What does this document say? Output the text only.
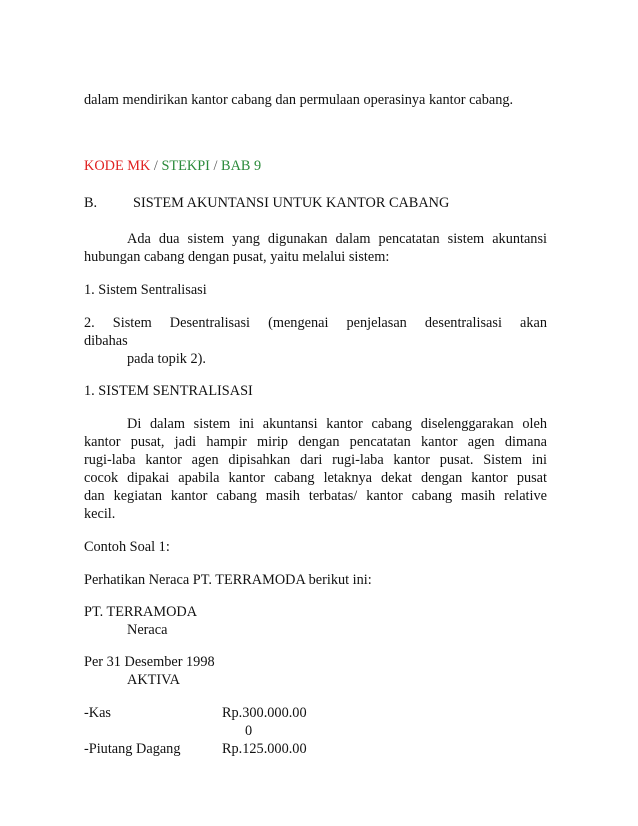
dalam mendirikan kantor cabang dan permulaan operasinya kantor cabang.
KODE MK / STEKPI / BAB 9
B.	SISTEM AKUNTANSI UNTUK KANTOR CABANG
Ada dua sistem yang digunakan dalam pencatatan sistem akuntansi
hubungan cabang dengan pusat, yaitu melalui sistem:
1. Sistem Sentralisasi
2. Sistem Desentralisasi (mengenai penjelasan desentralisasi akan
dibahas
pada topik 2).
1. SISTEM SENTRALISASI
Di dalam sistem ini akuntansi kantor cabang diselenggarakan oleh
kantor pusat, jadi hampir mirip dengan pencatatan kantor agen dimana
rugi-laba kantor agen dipisahkan dari rugi-laba kantor pusat. Sistem ini
cocok dipakai apabila kantor cabang letaknya dekat dengan kantor pusat
dan kegiatan kantor cabang masih terbatas/ kantor cabang masih relative
kecil.
Contoh Soal 1:
Perhatikan Neraca PT. TERRAMODA berikut ini:
PT. TERRAMODA
Neraca
Per 31 Desember 1998
AKTIVA
-Kas	Rp.300.000.00
0
-Piutang Dagang	Rp.125.000.00
